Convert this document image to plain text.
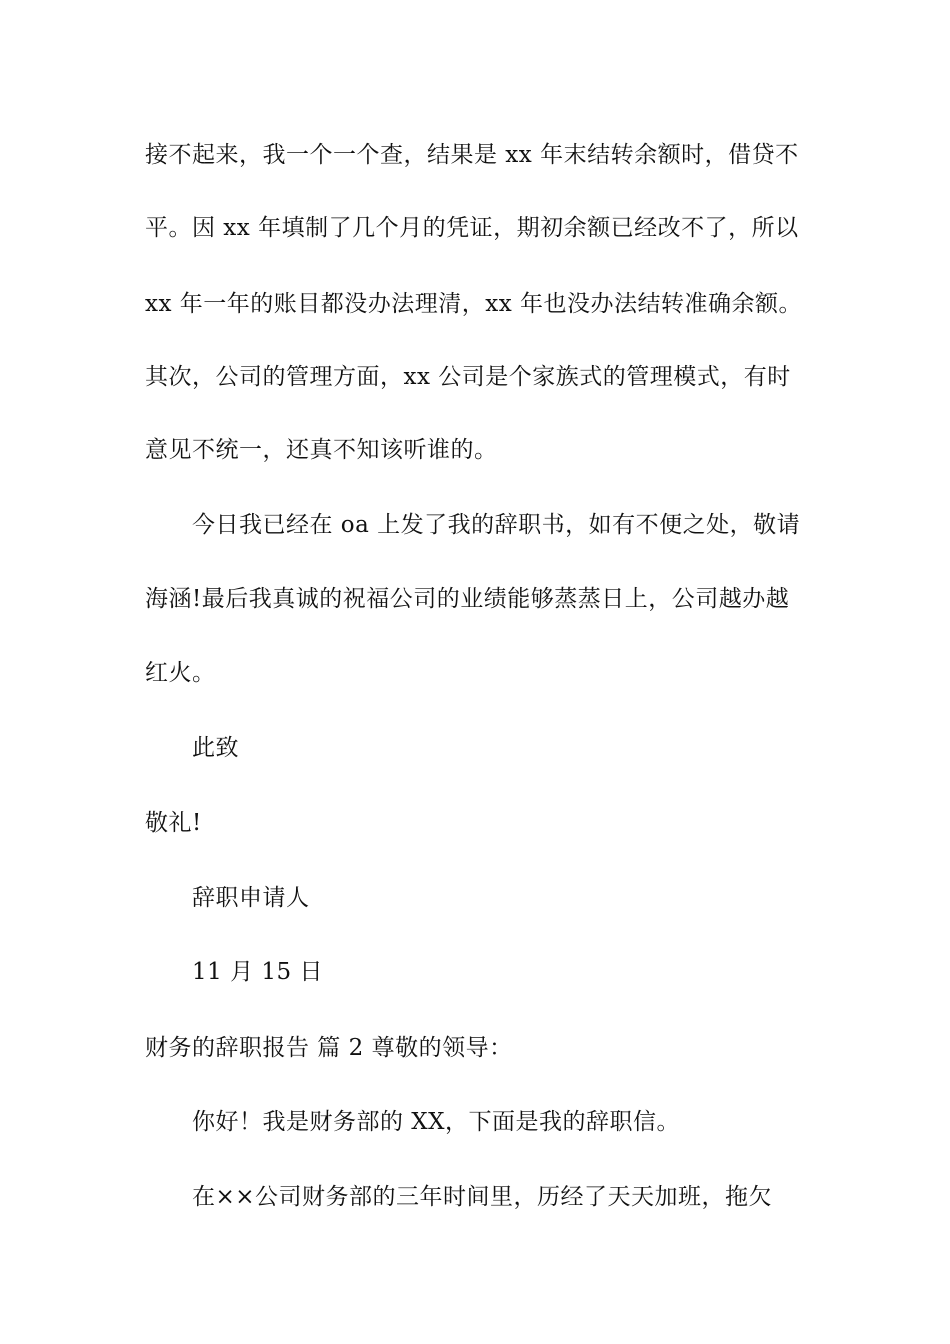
接不起来，我一个一个查，结果是 xx 年末结转余额时，借贷不
平。因 xx 年填制了几个月的凭证，期初余额已经改不了，所以
xx 年一年的账目都没办法理清，xx 年也没办法结转准确余额。
其次，公司的管理方面，xx 公司是个家族式的管理模式，有时
意见不统一，还真不知该听谁的。
今日我已经在 oa 上发了我的辞职书，如有不便之处，敬请
海涵!最后我真诚的祝福公司的业绩能够蒸蒸日上，公司越办越
红火。
此致
敬礼!
辞职申请人
11 月 15 日
财务的辞职报告 篇 2 尊敬的领导：
你好！我是财务部的 XX，下面是我的辞职信。
在××公司财务部的三年时间里，历经了天天加班，拖欠
